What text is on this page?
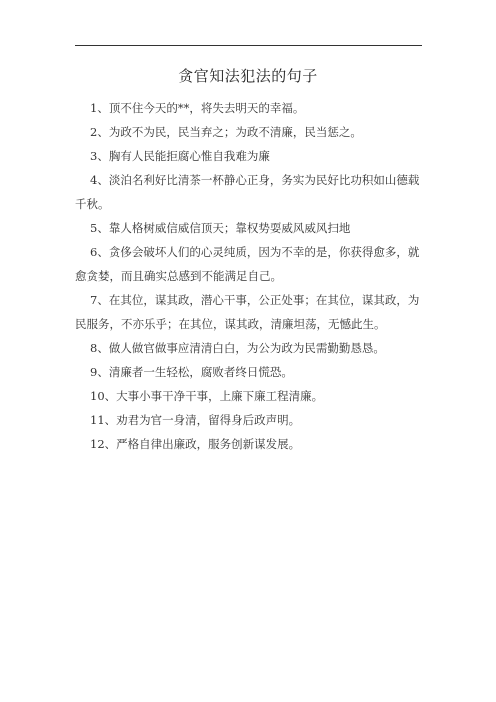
贪官知法犯法的句子

1、顶不住今天的**，将失去明天的幸福。

2、为政不为民，民当弃之；为政不清廉，民当惩之。

3、胸有人民能拒腐心惟自我难为廉

4、淡泊名利好比清茶一杯静心正身，务实为民好比功积如山德载千秋。

5、靠人格树威信威信顶天；靠权势耍威风威风扫地

6、贪侈会破坏人们的心灵纯质，因为不幸的是，你获得愈多，就愈贪婪，而且确实总感到不能满足自己。

7、在其位，谋其政，潜心干事，公正处事；在其位，谋其政，为民服务，不亦乐乎；在其位，谋其政，清廉坦荡，无憾此生。

8、做人做官做事应清清白白，为公为政为民需勤勤恳恳。

9、清廉者一生轻松，腐败者终日慌恐。

10、大事小事干净干事，上廉下廉工程清廉。

11、劝君为官一身清，留得身后政声明。

12、严格自律出廉政，服务创新谋发展。
